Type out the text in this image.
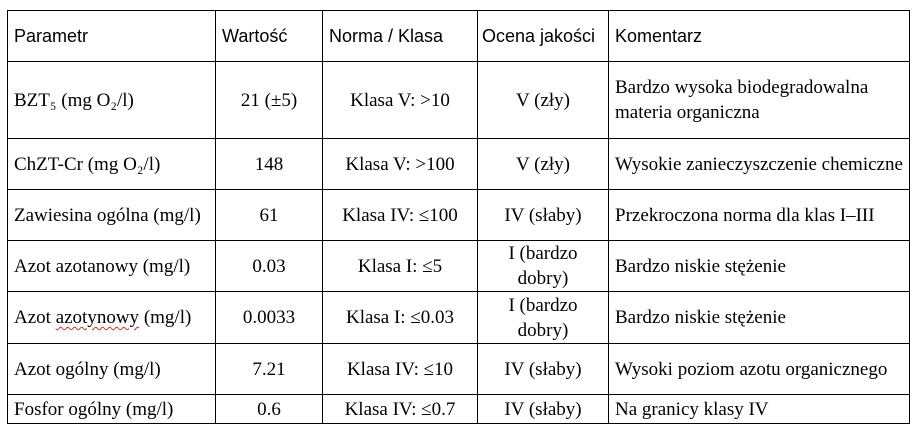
Parametr	Wartość	Norma / Klasa	Ocena jakości	Komentarz
BZT₅ (mg O₂/l)	21 (±5)	Klasa V: >10	V (zły)	Bardzo wysoka biodegradowalna materia organiczna
ChZT-Cr (mg O₂/l)	148	Klasa V: >100	V (zły)	Wysokie zanieczyszczenie chemiczne
Zawiesina ogólna (mg/l)	61	Klasa IV: ≤100	IV (słaby)	Przekroczona norma dla klas I–III
Azot azotanowy (mg/l)	0.03	Klasa I: ≤5	I (bardzo dobry)	Bardzo niskie stężenie
Azot azotynowy (mg/l)	0.0033	Klasa I: ≤0.03	I (bardzo dobry)	Bardzo niskie stężenie
Azot ogólny (mg/l)	7.21	Klasa IV: ≤10	IV (słaby)	Wysoki poziom azotu organicznego
Fosfor ogólny (mg/l)	0.6	Klasa IV: ≤0.7	IV (słaby)	Na granicy klasy IV
